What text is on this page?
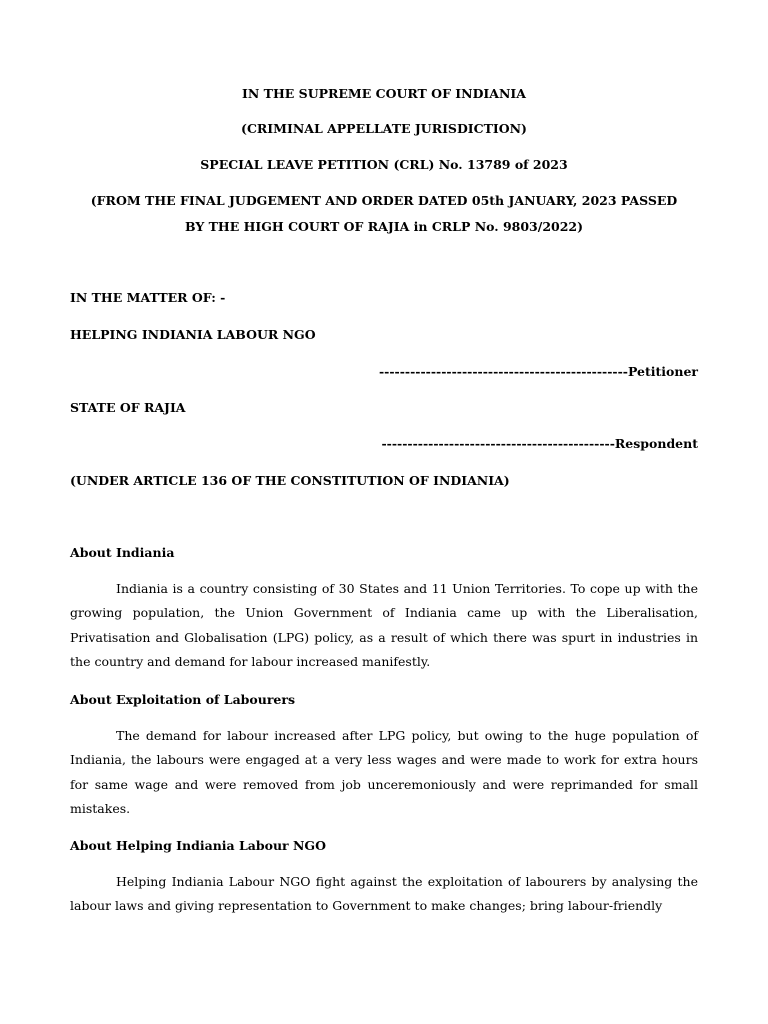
IN THE SUPREME COURT OF INDIANIA

(CRIMINAL APPELLATE JURISDICTION)

SPECIAL LEAVE PETITION (CRL) No. 13789 of 2023

(FROM THE FINAL JUDGEMENT AND ORDER DATED 05th JANUARY, 2023 PASSED

BY THE HIGH COURT OF RAJIA in CRLP No. 9803/2022)

IN THE MATTER OF: -

HELPING INDIANIA LABOUR NGO

------------------------------------------------Petitioner

STATE OF RAJIA

---------------------------------------------Respondent

(UNDER ARTICLE 136 OF THE CONSTITUTION OF INDIANIA)

About Indiania

Indiania is a country consisting of 30 States and 11 Union Territories. To cope up with the growing population, the Union Government of Indiania came up with the Liberalisation, Privatisation and Globalisation (LPG) policy, as a result of which there was spurt in industries in the country and demand for labour increased manifestly.

About Exploitation of Labourers

The demand for labour increased after LPG policy, but owing to the huge population of Indiania, the labours were engaged at a very less wages and were made to work for extra hours for same wage and were removed from job unceremoniously and were reprimanded for small mistakes.

About Helping Indiania Labour NGO

Helping Indiania Labour NGO fight against the exploitation of labourers by analysing the labour laws and giving representation to Government to make changes; bring labour-friendly
